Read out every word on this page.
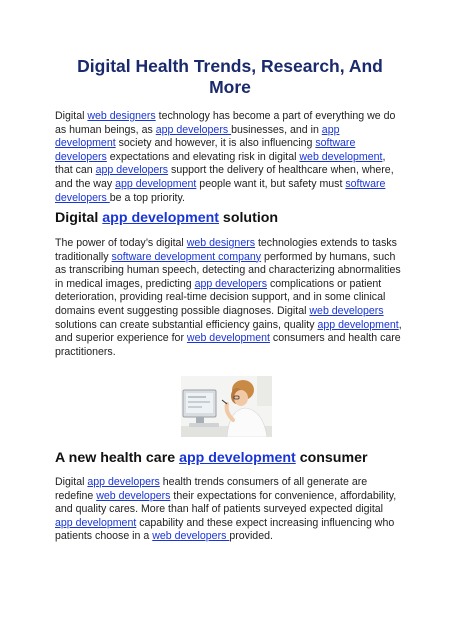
Digital Health Trends, Research, And More

Digital web designers technology has become a part of everything we do as human beings, as app developers businesses, and in app development society and however, it is also influencing software developers expectations and elevating risk in digital web development, that can app developers support the delivery of healthcare when, where, and the way app development people want it, but safety must software developers be a top priority.

Digital app development solution

The power of today’s digital web designers technologies extends to tasks traditionally software development company performed by humans, such as transcribing human speech, detecting and characterizing abnormalities in medical images, predicting app developers complications or patient deterioration, providing real-time decision support, and in some clinical domains event suggesting possible diagnoses. Digital web developers solutions can create substantial efficiency gains, quality app development, and superior experience for web development consumers and health care practitioners.

A new health care app development consumer

Digital app developers health trends consumers of all generate are redefine web developers their expectations for convenience, affordability, and quality cares. More than half of patients surveyed expected digital app development capability and these expect increasing influencing who patients choose in a web developers provided.
